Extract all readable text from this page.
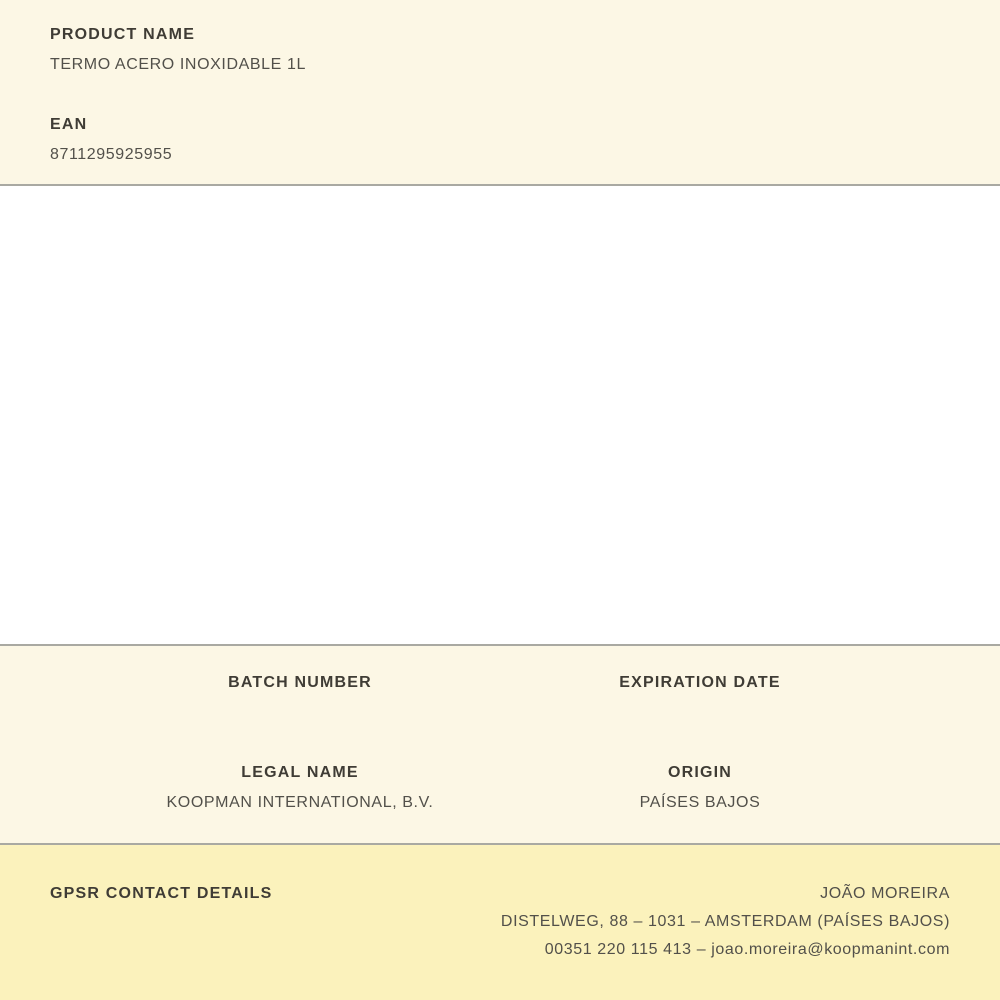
PRODUCT NAME
TERMO ACERO INOXIDABLE 1L
EAN
8711295925955
BATCH NUMBER	EXPIRATION DATE
LEGAL NAME
KOOPMAN INTERNATIONAL, B.V.
ORIGIN
PAÍSES BAJOS
GPSR CONTACT DETAILS	JOÃO MOREIRA
DISTELWEG, 88 – 1031 – AMSTERDAM (PAÍSES BAJOS)
00351 220 115 413 – joao.moreira@koopmanint.com
